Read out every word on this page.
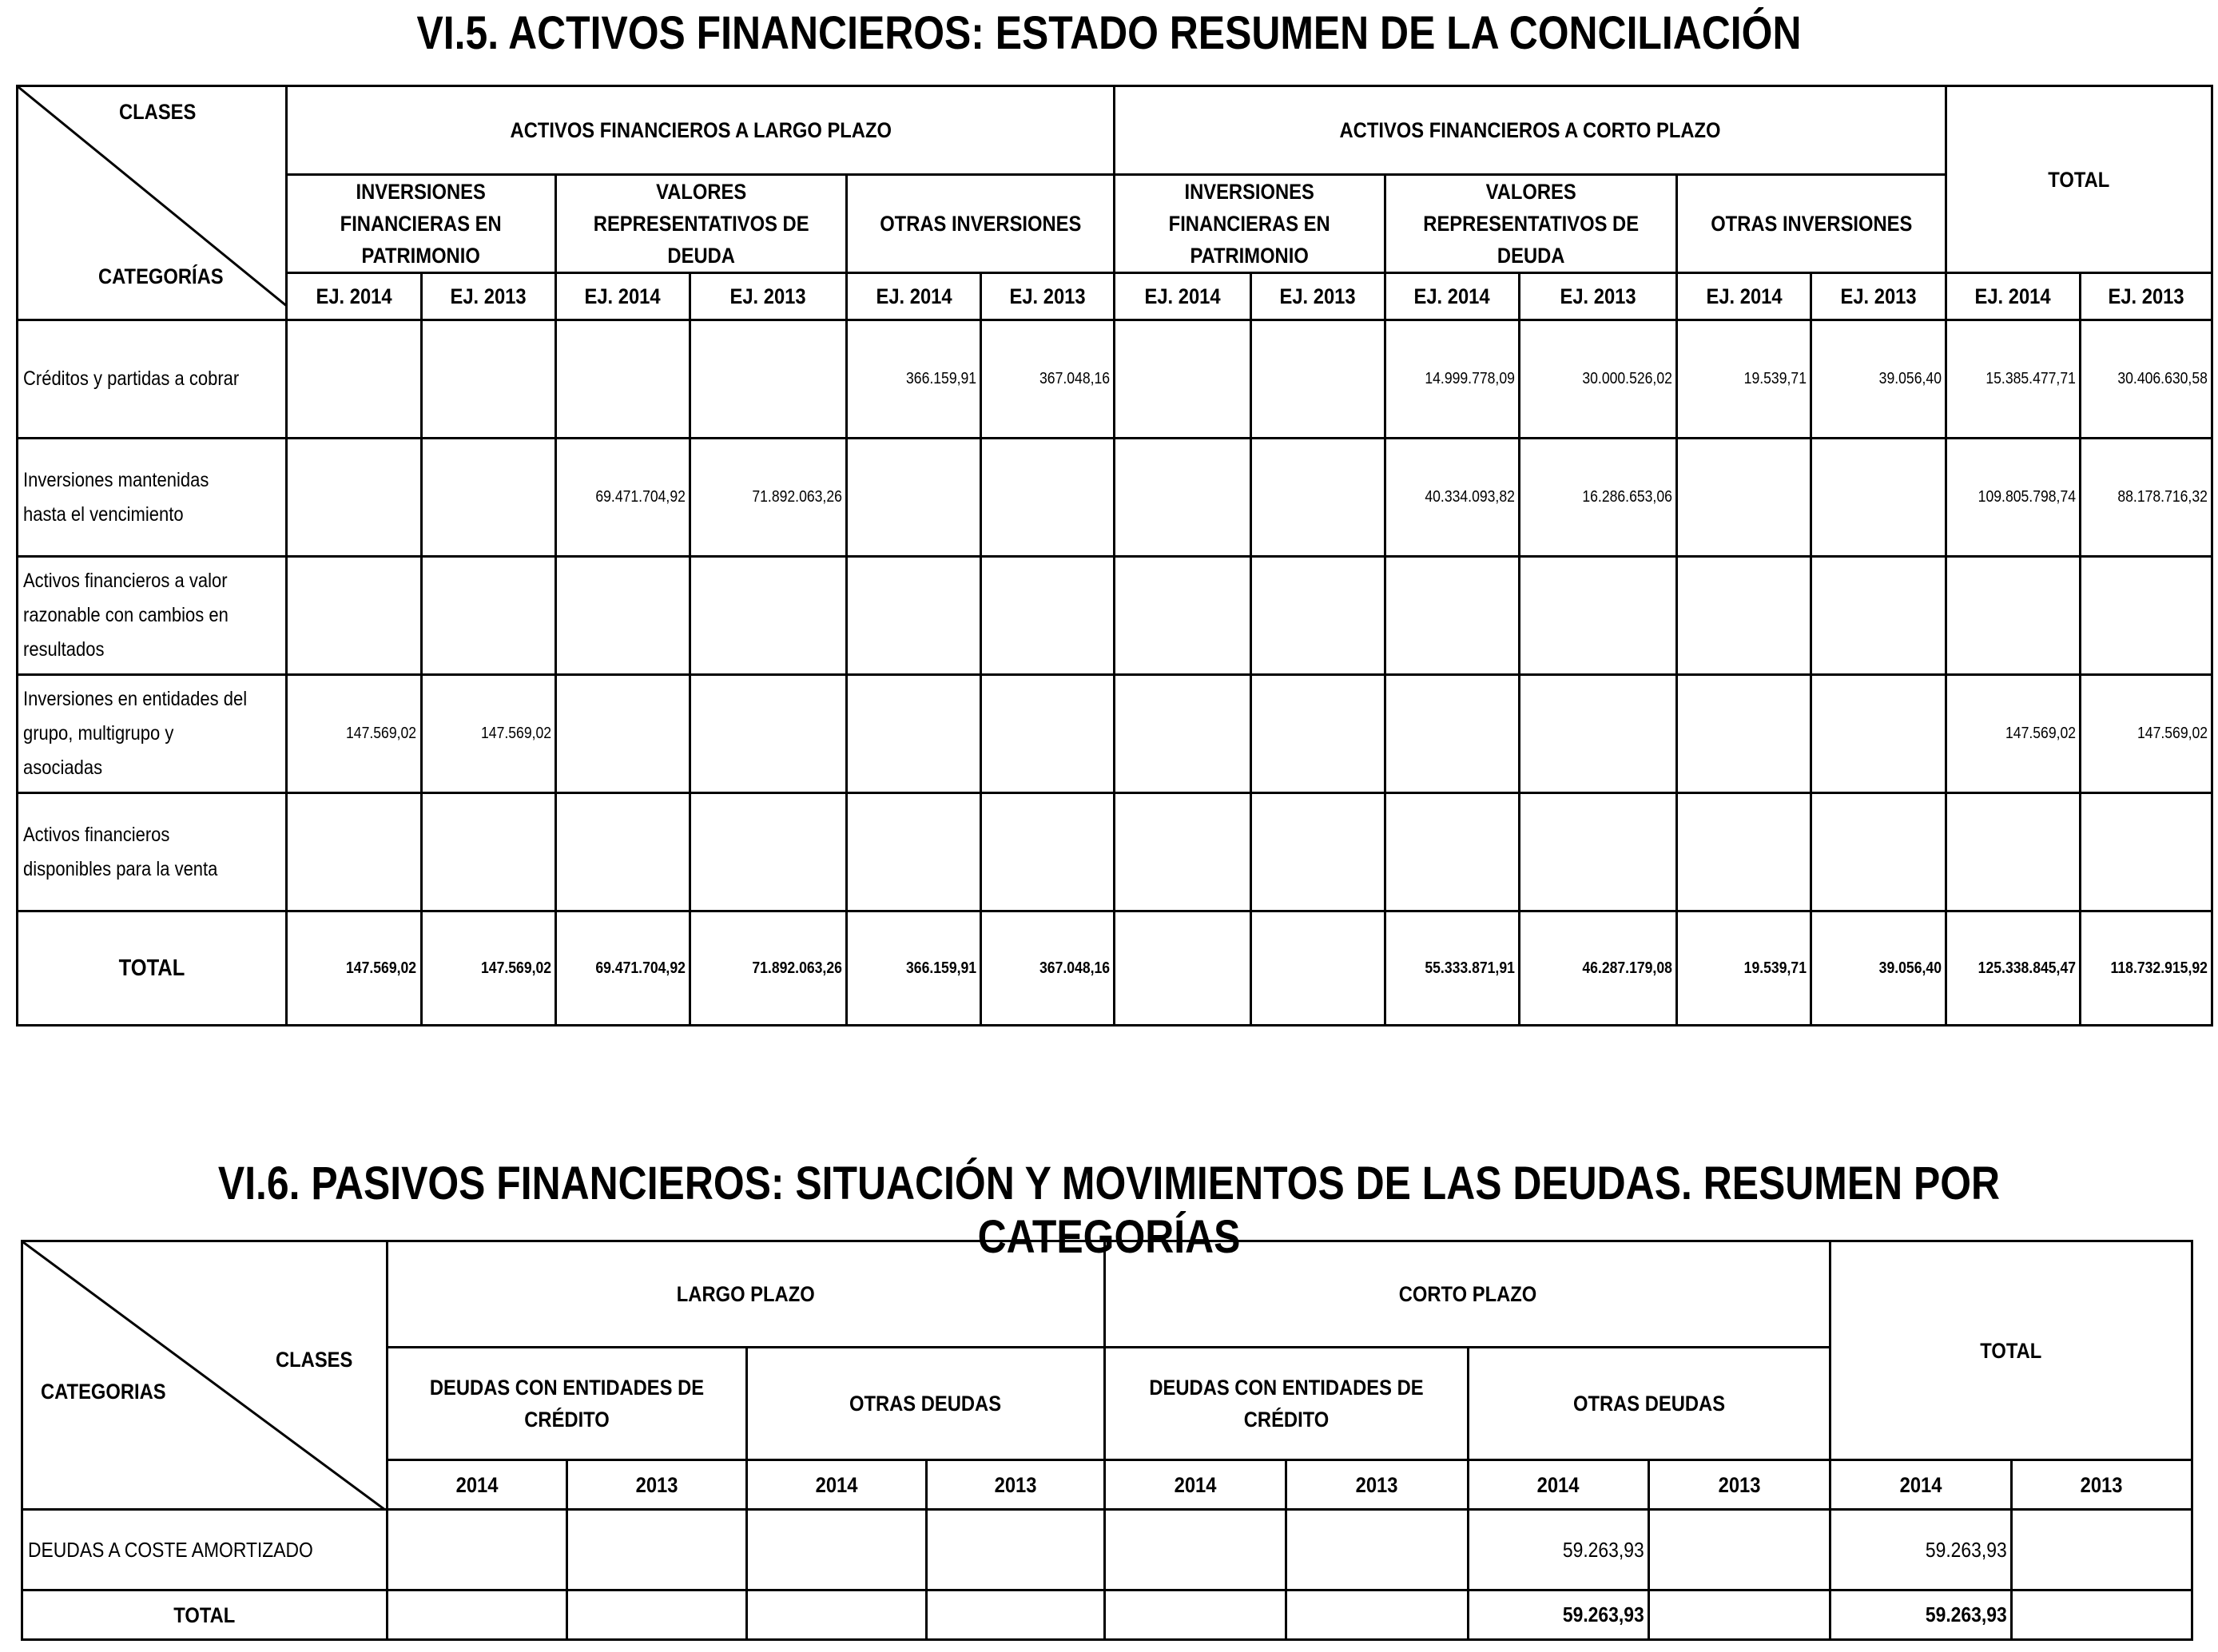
VI.5. ACTIVOS FINANCIEROS: ESTADO RESUMEN DE LA CONCILIACIÓN
CLASES
CATEGORÍAS	ACTIVOS FINANCIEROS A LARGO PLAZO						ACTIVOS FINANCIEROS A CORTO PLAZO						TOTAL	
	INVERSIONES FINANCIERAS EN PATRIMONIO		VALORES REPRESENTATIVOS DE DEUDA		OTRAS INVERSIONES		INVERSIONES FINANCIERAS EN PATRIMONIO		VALORES REPRESENTATIVOS DE DEUDA		OTRAS INVERSIONES			
	EJ. 2014	EJ. 2013	EJ. 2014	EJ. 2013	EJ. 2014	EJ. 2013	EJ. 2014	EJ. 2013	EJ. 2014	EJ. 2013	EJ. 2014	EJ. 2013	EJ. 2014	EJ. 2013
Créditos y partidas a cobrar					366.159,91	367.048,16			14.999.778,09	30.000.526,02	19.539,71	39.056,40	15.385.477,71	30.406.630,58
Inversiones mantenidas hasta el vencimiento			69.471.704,92	71.892.063,26					40.334.093,82	16.286.653,06			109.805.798,74	88.178.716,32
Activos financieros a valor razonable con cambios en resultados														
Inversiones en entidades del grupo, multigrupo y asociadas	147.569,02	147.569,02											147.569,02	147.569,02
Activos financieros disponibles para la venta														
TOTAL	147.569,02	147.569,02	69.471.704,92	71.892.063,26	366.159,91	367.048,16			55.333.871,91	46.287.179,08	19.539,71	39.056,40	125.338.845,47	118.732.915,92
VI.6. PASIVOS FINANCIEROS: SITUACIÓN Y MOVIMIENTOS DE LAS DEUDAS. RESUMEN POR CATEGORÍAS
CLASES
CATEGORIAS	LARGO PLAZO				CORTO PLAZO				TOTAL	
	DEUDAS CON ENTIDADES DE CRÉDITO		OTRAS DEUDAS		DEUDAS CON ENTIDADES DE CRÉDITO		OTRAS DEUDAS			
	2014	2013	2014	2013	2014	2013	2014	2013	2014	2013
DEUDAS A COSTE AMORTIZADO							59.263,93		59.263,93	
TOTAL							59.263,93		59.263,93	
